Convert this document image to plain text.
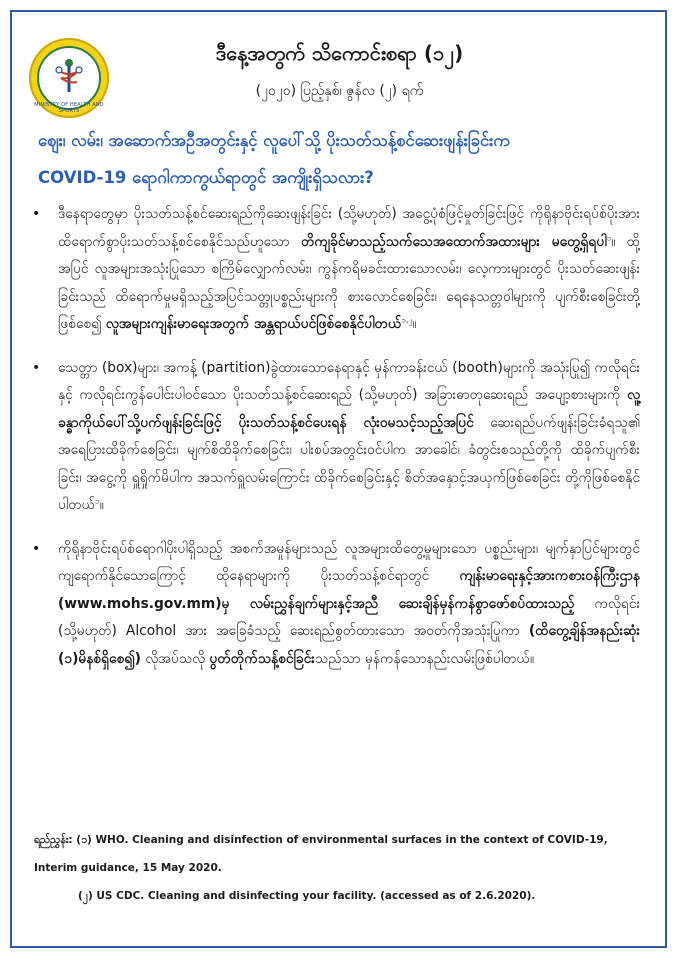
MINISTRY OF HEALTH AND SPORTS
ဒီနေ့အတွက် သိကောင်းစရာ (၁၂)
(၂၀၂၀) ပြည့်နှစ်၊ ဇွန်လ (၂) ရက်
ဈေး၊ လမ်း၊ အဆောက်အဦအတွင်းနှင့် လူပေါ်သို့ ပိုးသတ်သန့်စင်ဆေးဖျန်းခြင်းက
COVID-19 ရောဂါကာကွယ်ရာတွင် အကျိုးရှိသလား?
• ဒီနေရာတွေမှာ ပိုးသတ်သန့်စင်ဆေးရည်ကိုဆေးဖျန်းခြင်း (သို့မဟုတ်) အငွေ့ပုံစံဖြင့်မှုတ်ခြင်းဖြင့် ကိုရိုနာဗိုင်းရပ်စ်ပိုးအား ထိရောက်စွာပိုးသတ်သန့်စင်စေနိုင်သည်ဟူသော တိကျခိုင်မာသည့်သက်သေအထောက်အထားများ မတွေ့ရှိရပါ$^၁$။ ထို့အပြင် လူအများအသုံးပြုသော စကြိမ်လျှောက်လမ်း၊ ကွန်ကရိမခင်းထားသောလမ်း၊ လေ့ကားများတွင် ပိုးသတ်ဆေးဖျန်းခြင်းသည် ထိရောက်မှုမရှိသည့်အပြင်သတ္တုပစ္စည်းများကို စားလောင်စေခြင်း၊ ရေနေသတ္တဝါများကို ပျက်စီးစေခြင်းတို့ဖြစ်စေ၍ လူအများကျန်းမာရေးအတွက် အန္တရာယ်ပင်ဖြစ်စေနိုင်ပါတယ်$^{၁,၂}$။
• သေတ္တာ (box)များ၊ အကန့် (partition)ခွဲထားသောနေရာနှင့် မှန်ကာခန်းငယ် (booth)များကို အသုံးပြု၍ ကလိုရင်းနှင့် ကလိုရင်းကွန်ပေါင်းပါဝင်သော ပိုးသတ်သန့်စင်ဆေးရည် (သို့မဟုတ်) အခြားဓာတုဆေးရည် အပျော့စားများကို လူ့ခန္ဓာကိုယ်ပေါ်သို့ပက်ဖျန်းခြင်းဖြင့် ပိုးသတ်သန့်စင်ပေးရန် လုံးဝမသင့်သည့်အပြင် ဆေးရည်ပက်ဖျန်းခြင်းခံရသူ၏ အရေပြားထိခိုက်စေခြင်း၊ မျက်စိထိခိုက်စေခြင်း၊ ပါးစပ်အတွင်းဝင်ပါက အာခေါင်၊ ခံတွင်းစသည်တို့ကို ထိခိုက်ပျက်စီးခြင်း၊ အငွေ့ကို ရှူရှိုက်မိပါက အသက်ရှူလမ်းကြောင်း ထိခိုက်စေခြင်းနှင့် စိတ်အနှောင့်အယှက်ဖြစ်စေခြင်း တို့ကိုဖြစ်စေနိုင်ပါတယ်$^၁$။
• ကိုရိုနာဗိုင်းရပ်စ်ရောဂါပိုးပါရှိသည့် အစက်အမှုန်များသည် လူအများထိတွေ့မှုများသော ပစ္စည်းများ၊ မျက်နှာပြင်များတွင် ကျရောက်နိုင်သောကြောင့် ထိုနေရာများကို ပိုးသတ်သန့်စင်ရာတွင် ကျန်းမာရေးနှင့်အားကစားဝန်ကြီးဌာန (www.mohs.gov.mm)မှ လမ်းညွှန်ချက်များနှင့်အညီ ဆေးချိန်မှန်ကန်စွာဖော်စပ်ထားသည့် ကလိုရင်း (သို့မဟုတ်) Alcohol အား အခြေခံသည့် ဆေးရည်စွတ်ထားသော အဝတ်ကိုအသုံးပြုကာ (ထိတွေ့ချိန်အနည်းဆုံး (၁)မိနစ်ရှိစေ၍) လိုအပ်သလို ပွတ်တိုက်သန့်စင်ခြင်းသည်သာ မှန်ကန်သောနည်းလမ်းဖြစ်ပါတယ်။
ရည်ညွှန်း: (၁) WHO. Cleaning and disinfection of environmental surfaces in the context of COVID-19, Interim guidance, 15 May 2020.
(၂) US CDC. Cleaning and disinfecting your facility. (accessed as of 2.6.2020).
